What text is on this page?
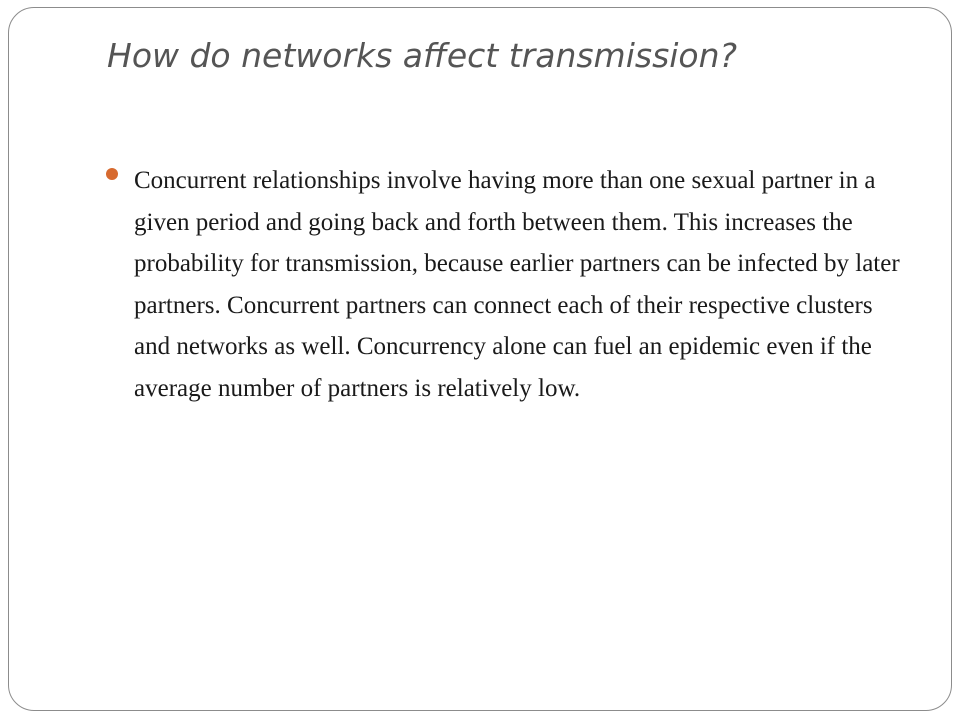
How do networks affect transmission?
Concurrent relationships involve having more than one sexual partner in a given period and going back and forth between them. This increases the probability for transmission, because earlier partners can be infected by later partners. Concurrent partners can connect each of their respective clusters and networks as well. Concurrency alone can fuel an epidemic even if the average number of partners is relatively low.
